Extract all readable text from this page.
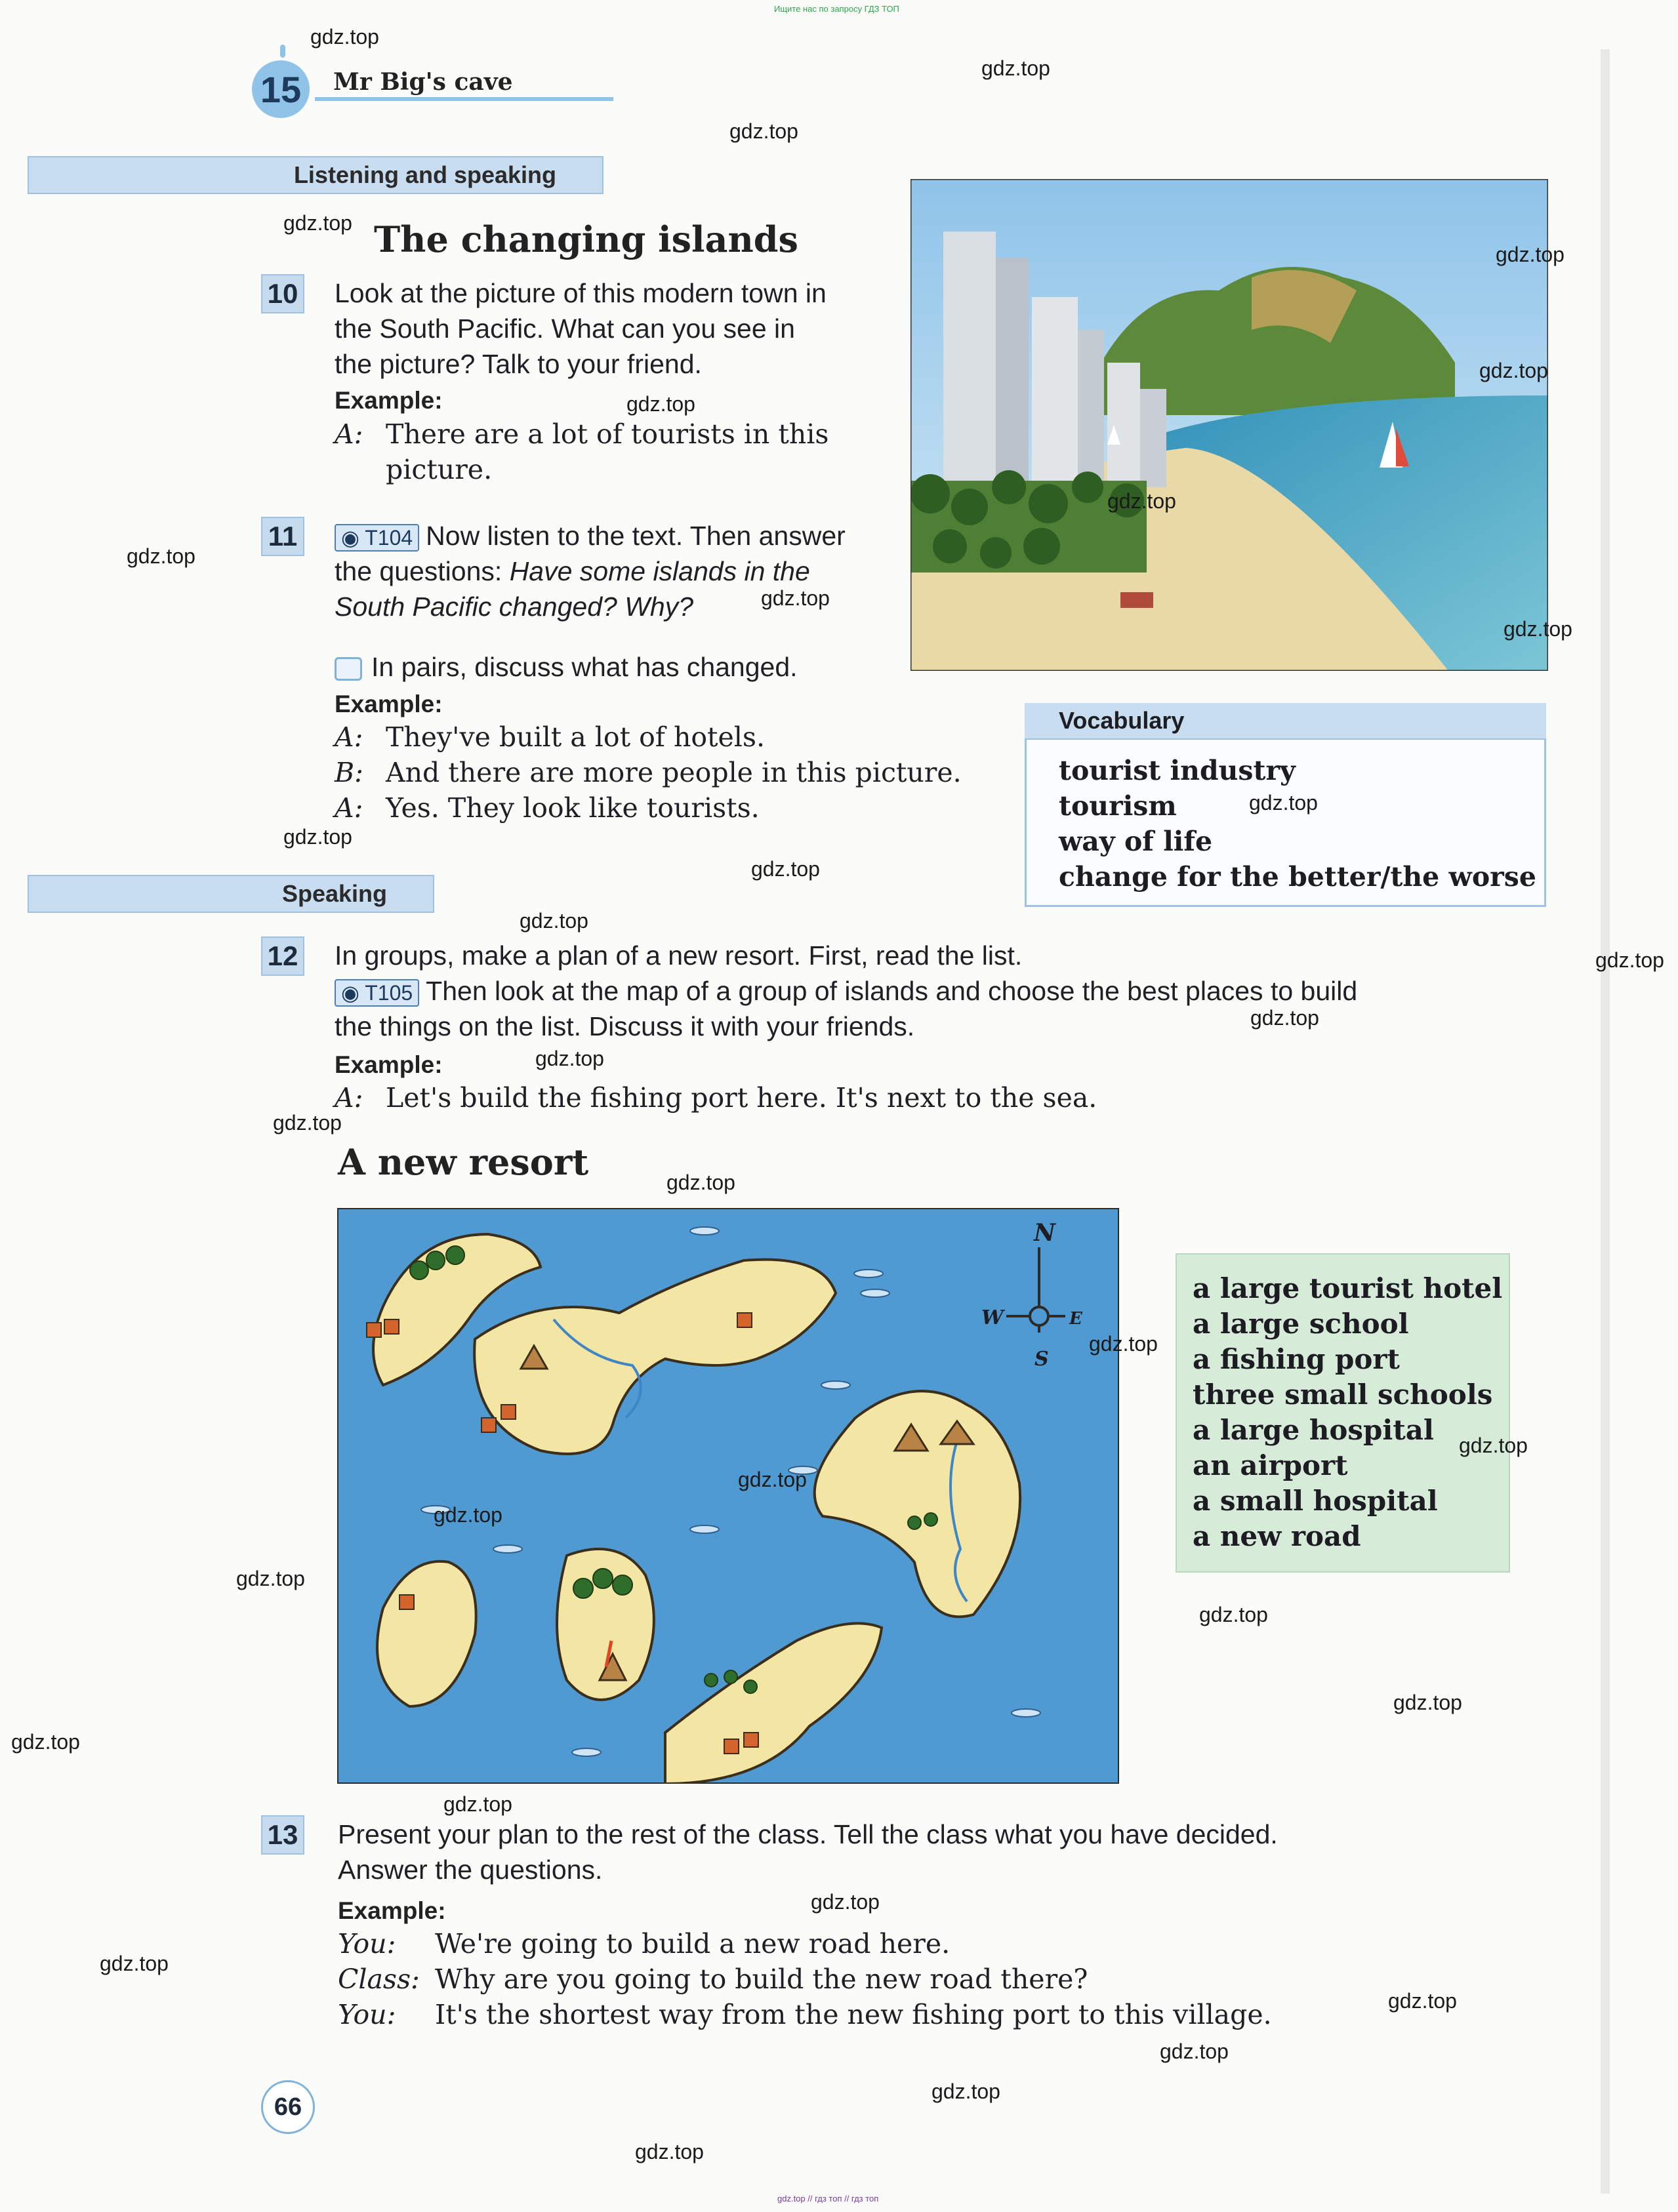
Ищите нас по запросу ГДЗ ТОП
15	Mr Big's cave
Listening and speaking
The changing islands
10 Look at the picture of this modern town in
the South Pacific. What can you see in
the picture? Talk to your friend.
Example:
A: There are a lot of tourists in this
picture.
11	◉ T104 Now listen to the text. Then answer
the questions: Have some islands in the
South Pacific changed? Why?
In pairs, discuss what has changed.
Example:
A: They've built a lot of hotels.
B: And there are more people in this picture.
A: Yes. They look like tourists.
Vocabulary
tourist industry
tourism
way of life
change for the better/the worse
Speaking
12 In groups, make a plan of a new resort. First, read the list.
◉ T105 Then look at the map of a group of islands and choose the best places to build
the things on the list. Discuss it with your friends.
Example:
A: Let's build the fishing port here. It's next to the sea.
A new resort
N
S
W	E
a large tourist hotel
a large school
a fishing port
three small schools
a large hospital
an airport
a small hospital
a new road
13 Present your plan to the rest of the class. Tell the class what you have decided.
Answer the questions.
Example:
You: We're going to build a new road here.
Class: Why are you going to build the new road there?
You: It's the shortest way from the new fishing port to this village.
66
gdz.top // гдз топ // гдз топ
gdz.top
gdz.top
gdz.top
gdz.top
gdz.top
gdz.top
gdz.top
gdz.top
gdz.top
gdz.top
gdz.top
gdz.top
gdz.top
gdz.top
gdz.top
gdz.top
gdz.top
gdz.top
gdz.top
gdz.top
gdz.top
gdz.top
gdz.top
gdz.top
gdz.top
gdz.top
gdz.top
gdz.top
gdz.top
gdz.top
gdz.top
gdz.top
gdz.top
gdz.top
gdz.top
